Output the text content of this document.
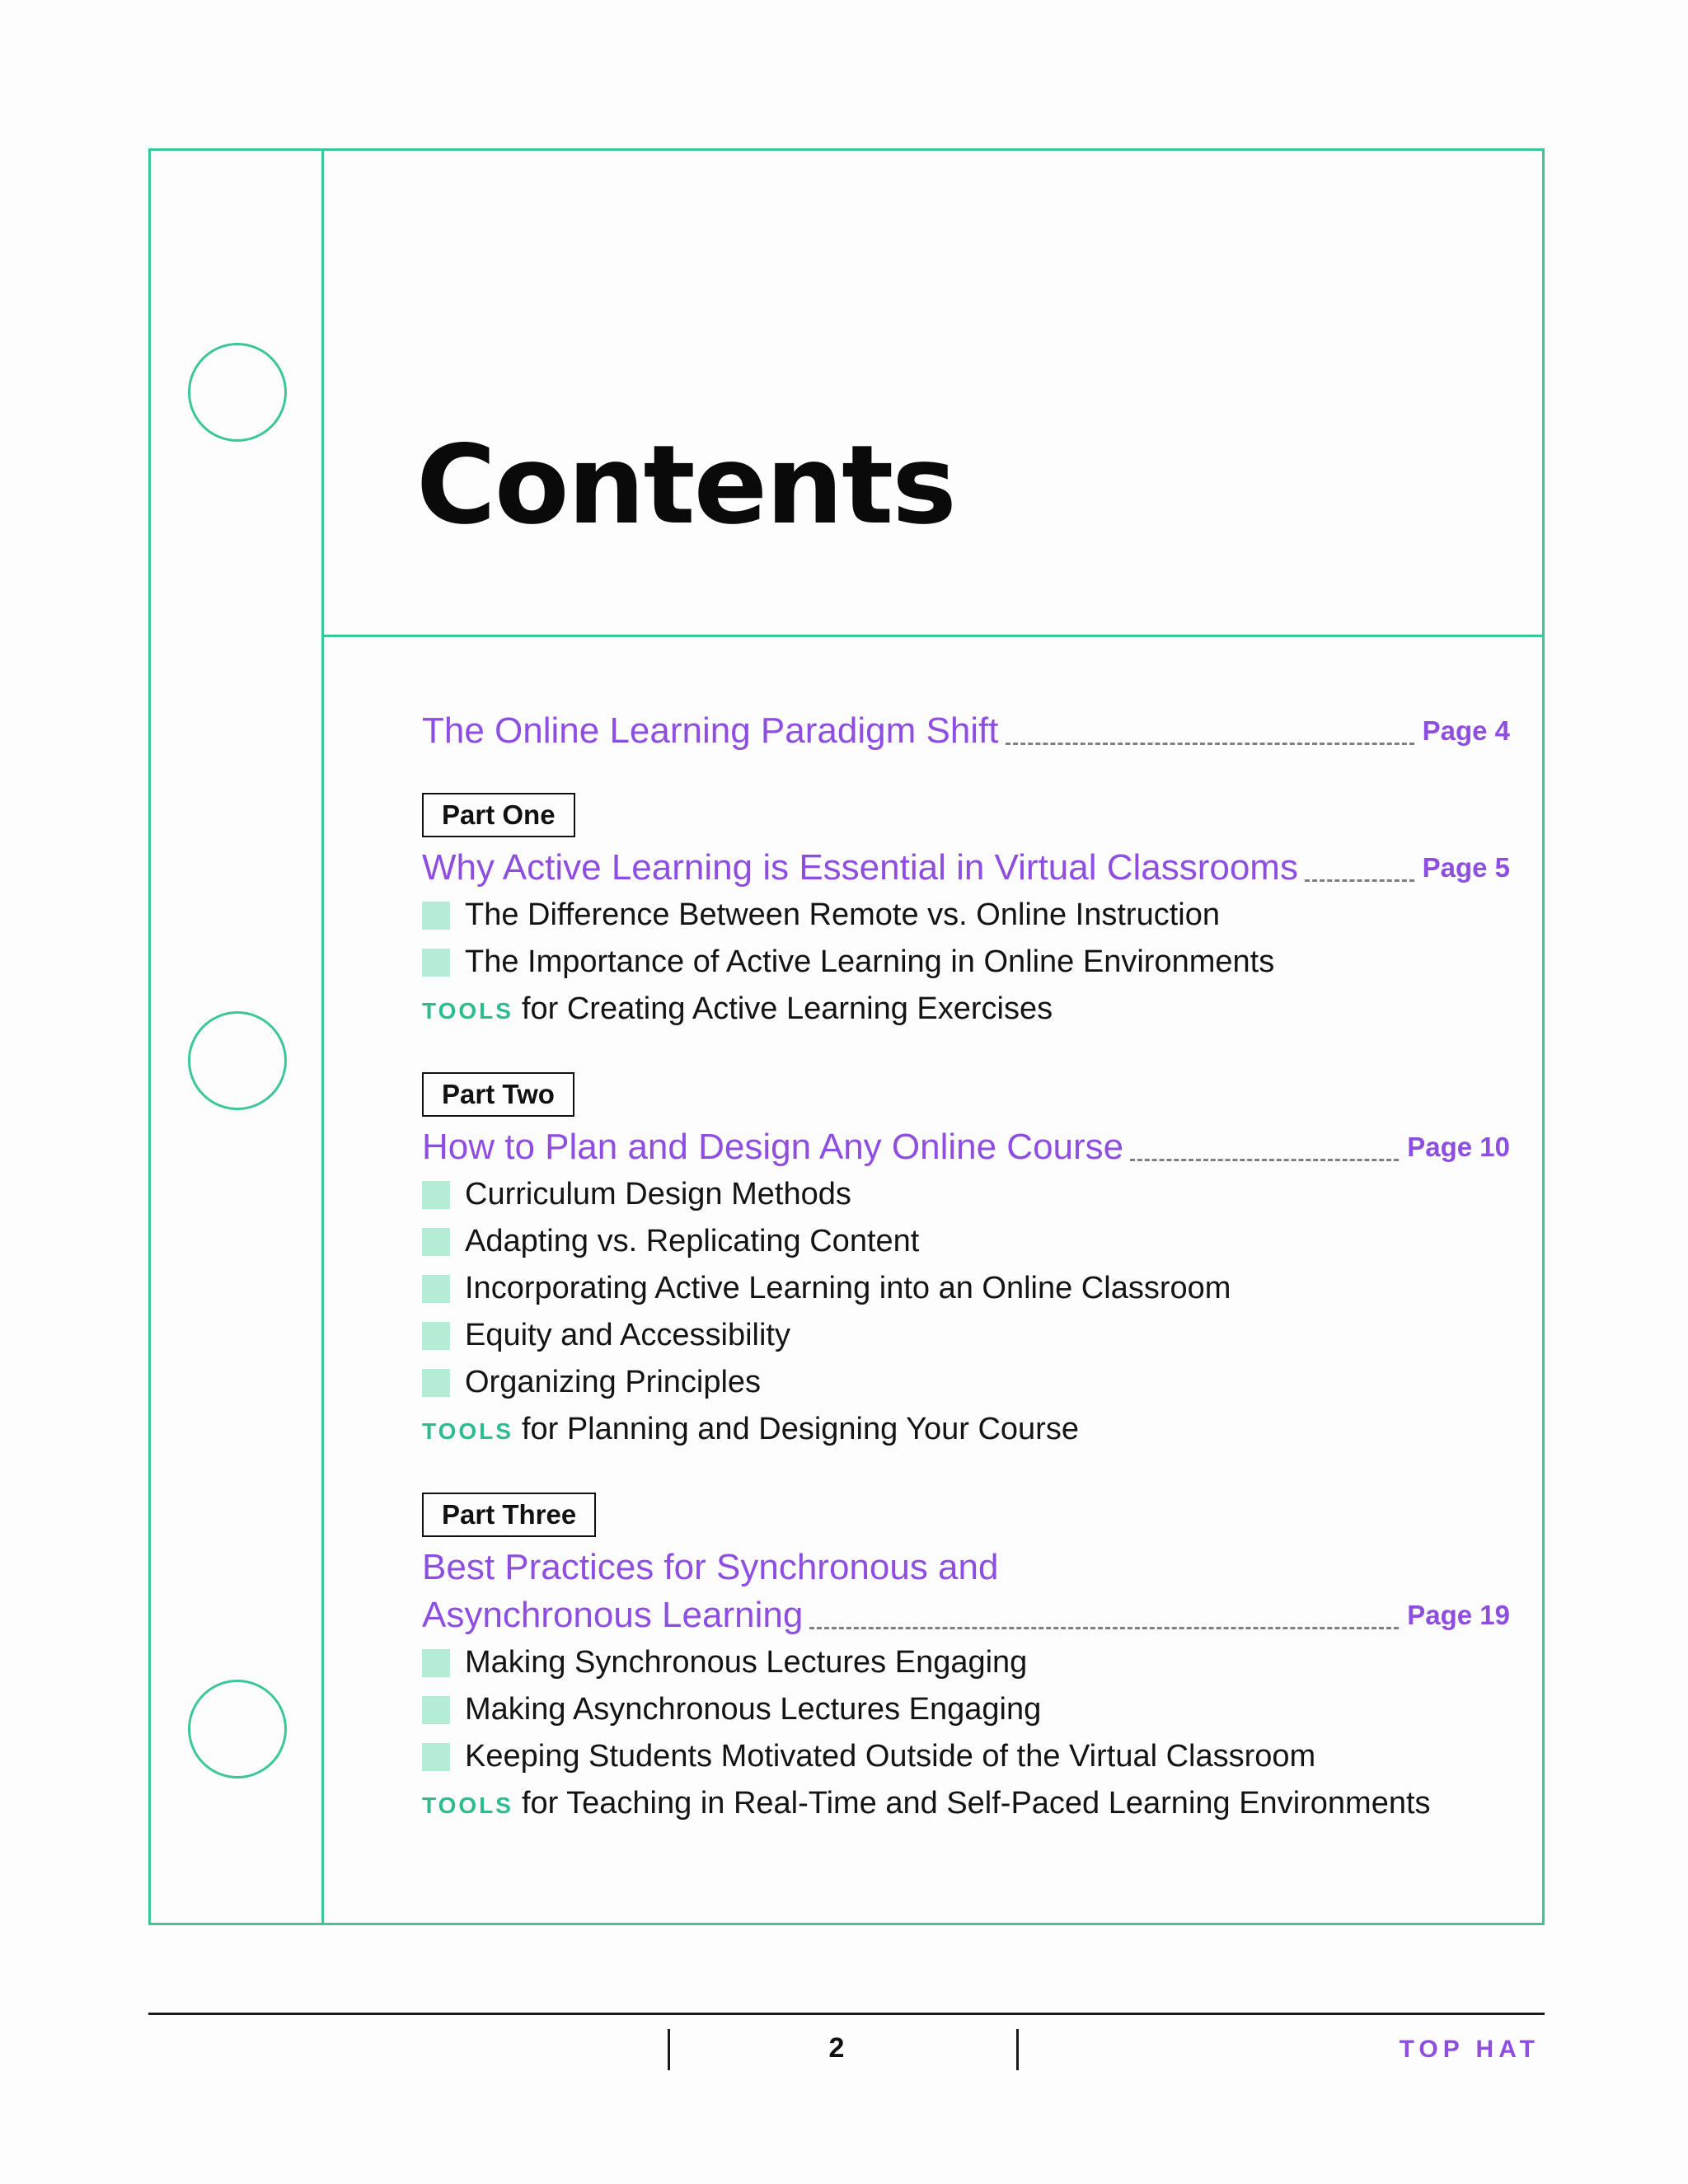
Contents
The Online Learning Paradigm Shift	Page 4
Part One
Why Active Learning is Essential in Virtual Classrooms	Page 5
The Difference Between Remote vs. Online Instruction
The Importance of Active Learning in Online Environments
TOOLS for Creating Active Learning Exercises
Part Two
How to Plan and Design Any Online Course	Page 10
Curriculum Design Methods
Adapting vs. Replicating Content
Incorporating Active Learning into an Online Classroom
Equity and Accessibility
Organizing Principles
TOOLS for Planning and Designing Your Course
Part Three
Best Practices for Synchronous and
Asynchronous Learning	Page 19
Making Synchronous Lectures Engaging
Making Asynchronous Lectures Engaging
Keeping Students Motivated Outside of the Virtual Classroom
TOOLS for Teaching in Real-Time and Self-Paced Learning Environments
2	TOP HAT
